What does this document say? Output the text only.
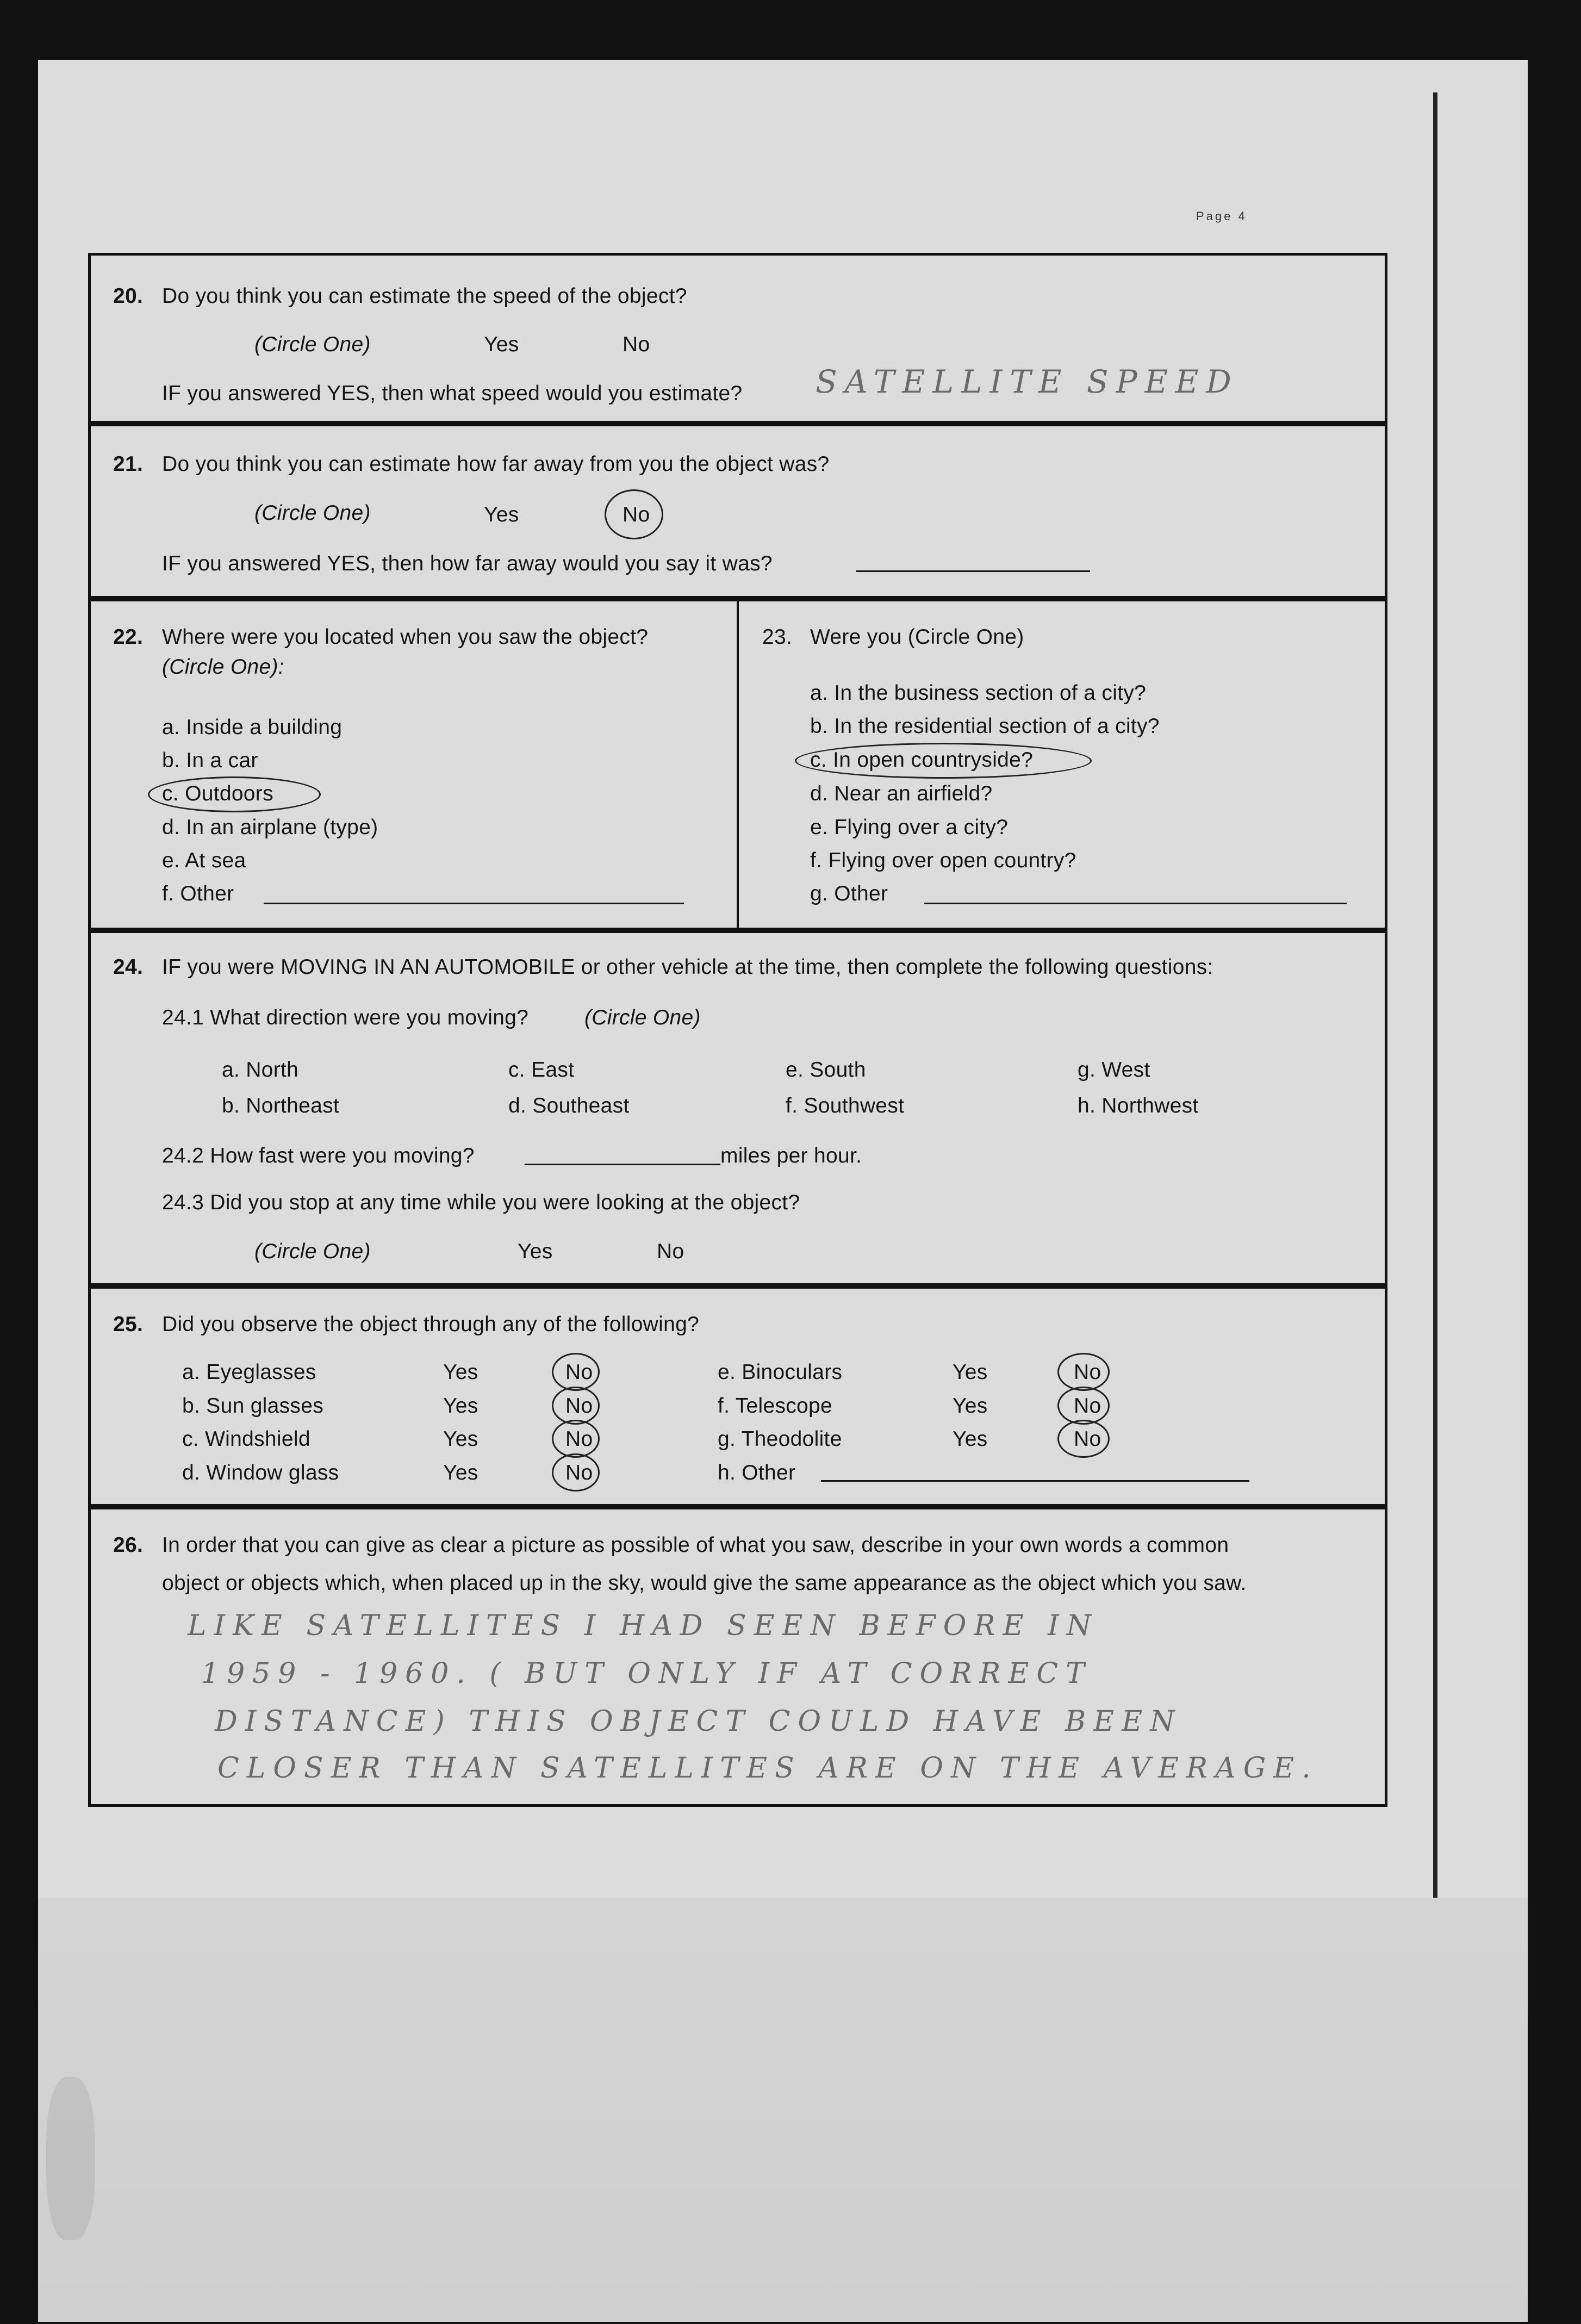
Page 4
20. Do you think you can estimate the speed of the object?
(Circle One)	Yes	No
IF you answered YES, then what speed would you estimate? SATELLITE SPEED
21. Do you think you can estimate how far away from you the object was?
(Circle One)	Yes	No
IF you answered YES, then how far away would you say it was?
22. Where were you located when you saw the object?
(Circle One):
a. Inside a building
b. In a car
c. Outdoors
d. In an airplane (type)
e. At sea
f. Other
23. Were you (Circle One)
a. In the business section of a city?
b. In the residential section of a city?
c. In open countryside?
d. Near an airfield?
e. Flying over a city?
f. Flying over open country?
g. Other
24. IF you were MOVING IN AN AUTOMOBILE or other vehicle at the time, then complete the following questions:
24.1 What direction were you moving?	(Circle One)
a. North	c. East	e. South	g. West
b. Northeast	d. Southeast	f. Southwest	h. Northwest
24.2 How fast were you moving?	miles per hour.
24.3 Did you stop at any time while you were looking at the object?
(Circle One)	Yes	No
25. Did you observe the object through any of the following?
a. Eyeglasses	Yes	No
b. Sun glasses	Yes	No
c. Windshield	Yes	No
d. Window glass	Yes	No
e. Binoculars	Yes	No
f. Telescope	Yes	No
g. Theodolite	Yes	No
h. Other
26. In order that you can give as clear a picture as possible of what you saw, describe in your own words a common
object or objects which, when placed up in the sky, would give the same appearance as the object which you saw.
LIKE SATELLITES I HAD SEEN BEFORE IN
1959 - 1960. ( BUT ONLY IF AT CORRECT
DISTANCE) THIS OBJECT COULD HAVE BEEN
CLOSER THAN SATELLITES ARE ON THE AVERAGE.
